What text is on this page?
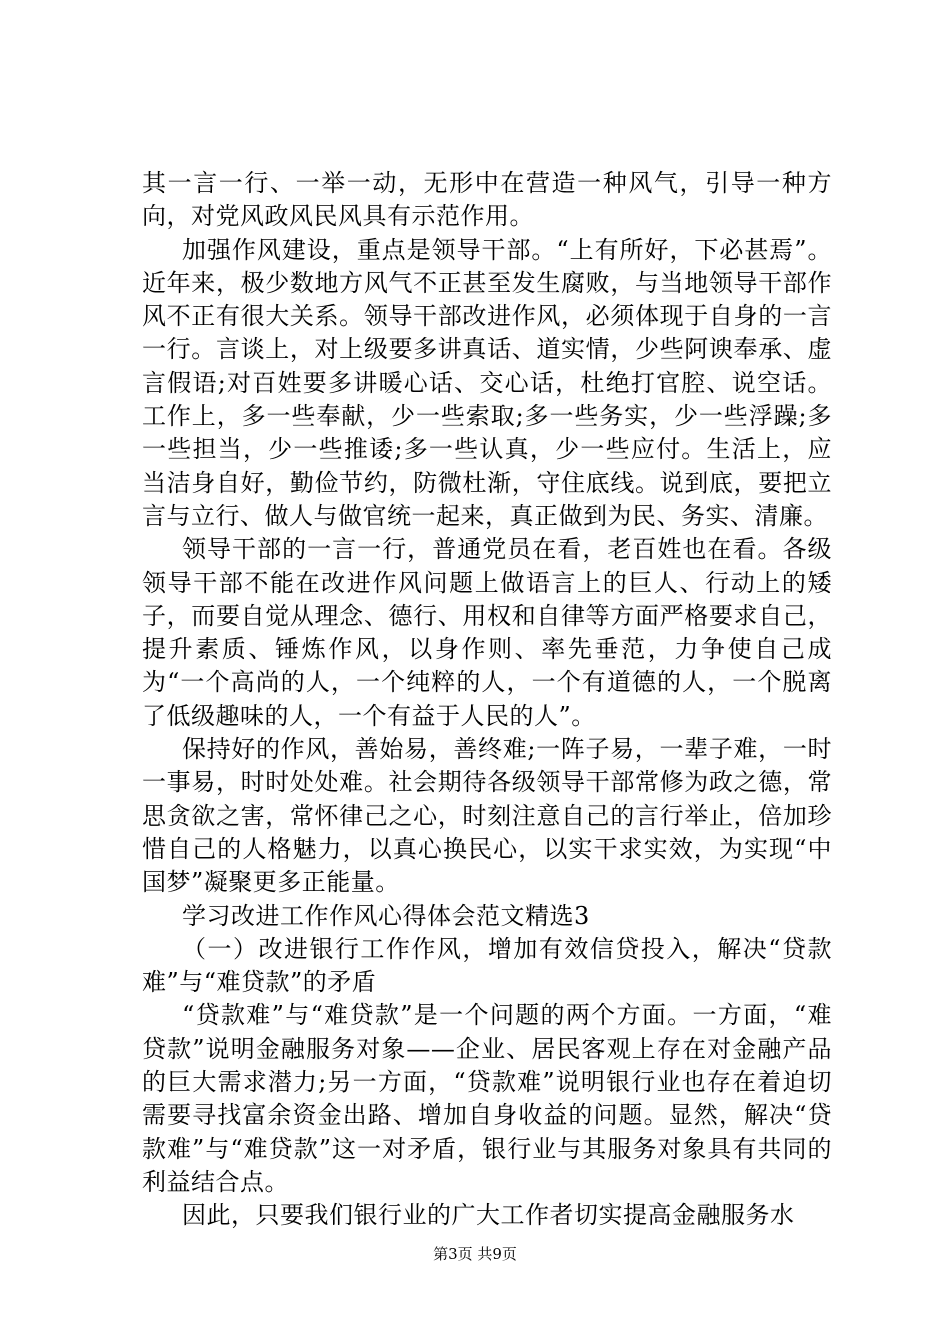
其一言一行、一举一动，无形中在营造一种风气，引导一种方向，对党风政风民风具有示范作用。

加强作风建设，重点是领导干部。“上有所好，下必甚焉”。近年来，极少数地方风气不正甚至发生腐败，与当地领导干部作风不正有很大关系。领导干部改进作风，必须体现于自身的一言一行。言谈上，对上级要多讲真话、道实情，少些阿谀奉承、虚言假语;对百姓要多讲暖心话、交心话，杜绝打官腔、说空话。工作上，多一些奉献，少一些索取;多一些务实，少一些浮躁;多一些担当，少一些推诿;多一些认真，少一些应付。生活上，应当洁身自好，勤俭节约，防微杜渐，守住底线。说到底，要把立言与立行、做人与做官统一起来，真正做到为民、务实、清廉。

领导干部的一言一行，普通党员在看，老百姓也在看。各级领导干部不能在改进作风问题上做语言上的巨人、行动上的矮子，而要自觉从理念、德行、用权和自律等方面严格要求自己，提升素质、锤炼作风，以身作则、率先垂范，力争使自己成为“一个高尚的人，一个纯粹的人，一个有道德的人，一个脱离了低级趣味的人，一个有益于人民的人”。

保持好的作风，善始易，善终难;一阵子易，一辈子难，一时一事易，时时处处难。社会期待各级领导干部常修为政之德，常思贪欲之害，常怀律己之心，时刻注意自己的言行举止，倍加珍惜自己的人格魅力，以真心换民心，以实干求实效，为实现“中国梦”凝聚更多正能量。

学习改进工作作风心得体会范文精选3

（一）改进银行工作作风，增加有效信贷投入，解决“贷款难”与“难贷款”的矛盾

“贷款难”与“难贷款”是一个问题的两个方面。一方面，“难贷款”说明金融服务对象——企业、居民客观上存在对金融产品的巨大需求潜力;另一方面，“贷款难”说明银行业也存在着迫切需要寻找富余资金出路、增加自身收益的问题。显然，解决“贷款难”与“难贷款”这一对矛盾，银行业与其服务对象具有共同的利益结合点。

因此，只要我们银行业的广大工作者切实提高金融服务水

第3页 共9页
